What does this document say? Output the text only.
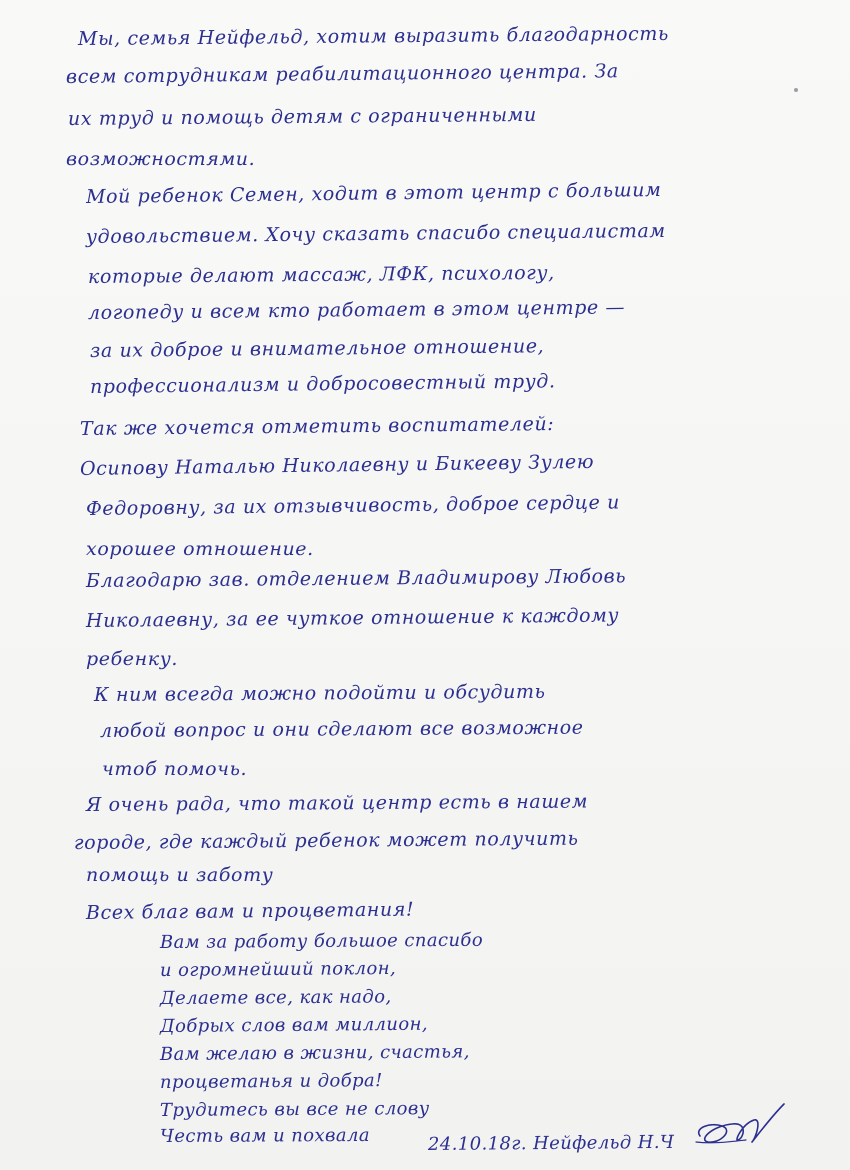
Мы, семья Нейфельд, хотим выразить благодарность

всем сотрудникам реабилитационного центра. За

их труд и помощь детям с ограниченными

возможностями.

Мой ребенок Семен, ходит в этот центр с большим

удовольствием. Хочу сказать спасибо специалистам

которые делают массаж, ЛФК, психологу,

логопеду и всем кто работает в этом центре —

за их доброе и внимательное отношение,

профессионализм и добросовестный труд.

Так же хочется отметить воспитателей:

Осипову Наталью Николаевну и Бикеeву Зулею

Федоровну, за их отзывчивость, доброе сердце и

хорошее отношение.

Благодарю зав. отделением Владимирову Любовь

Николаевну, за ее чуткое отношение к каждому

ребенку.

К ним всегда можно подойти и обсудить

любой вопрос и они сделают все возможное

чтоб помочь.

Я очень рада, что такой центр есть в нашем

городе, где каждый ребенок может получить

помощь и заботу

Всех благ вам и процветания!

Вам за работу большое спасибо

и огромнейший поклон,

Делаете все, как надо,

Добрых слов вам миллион,

Вам желаю в жизни, счастья,

процветанья и добра!

Трудитесь вы все не слову

Честь вам и похвала	24.10.18г. Нейфельд Н.Ч
